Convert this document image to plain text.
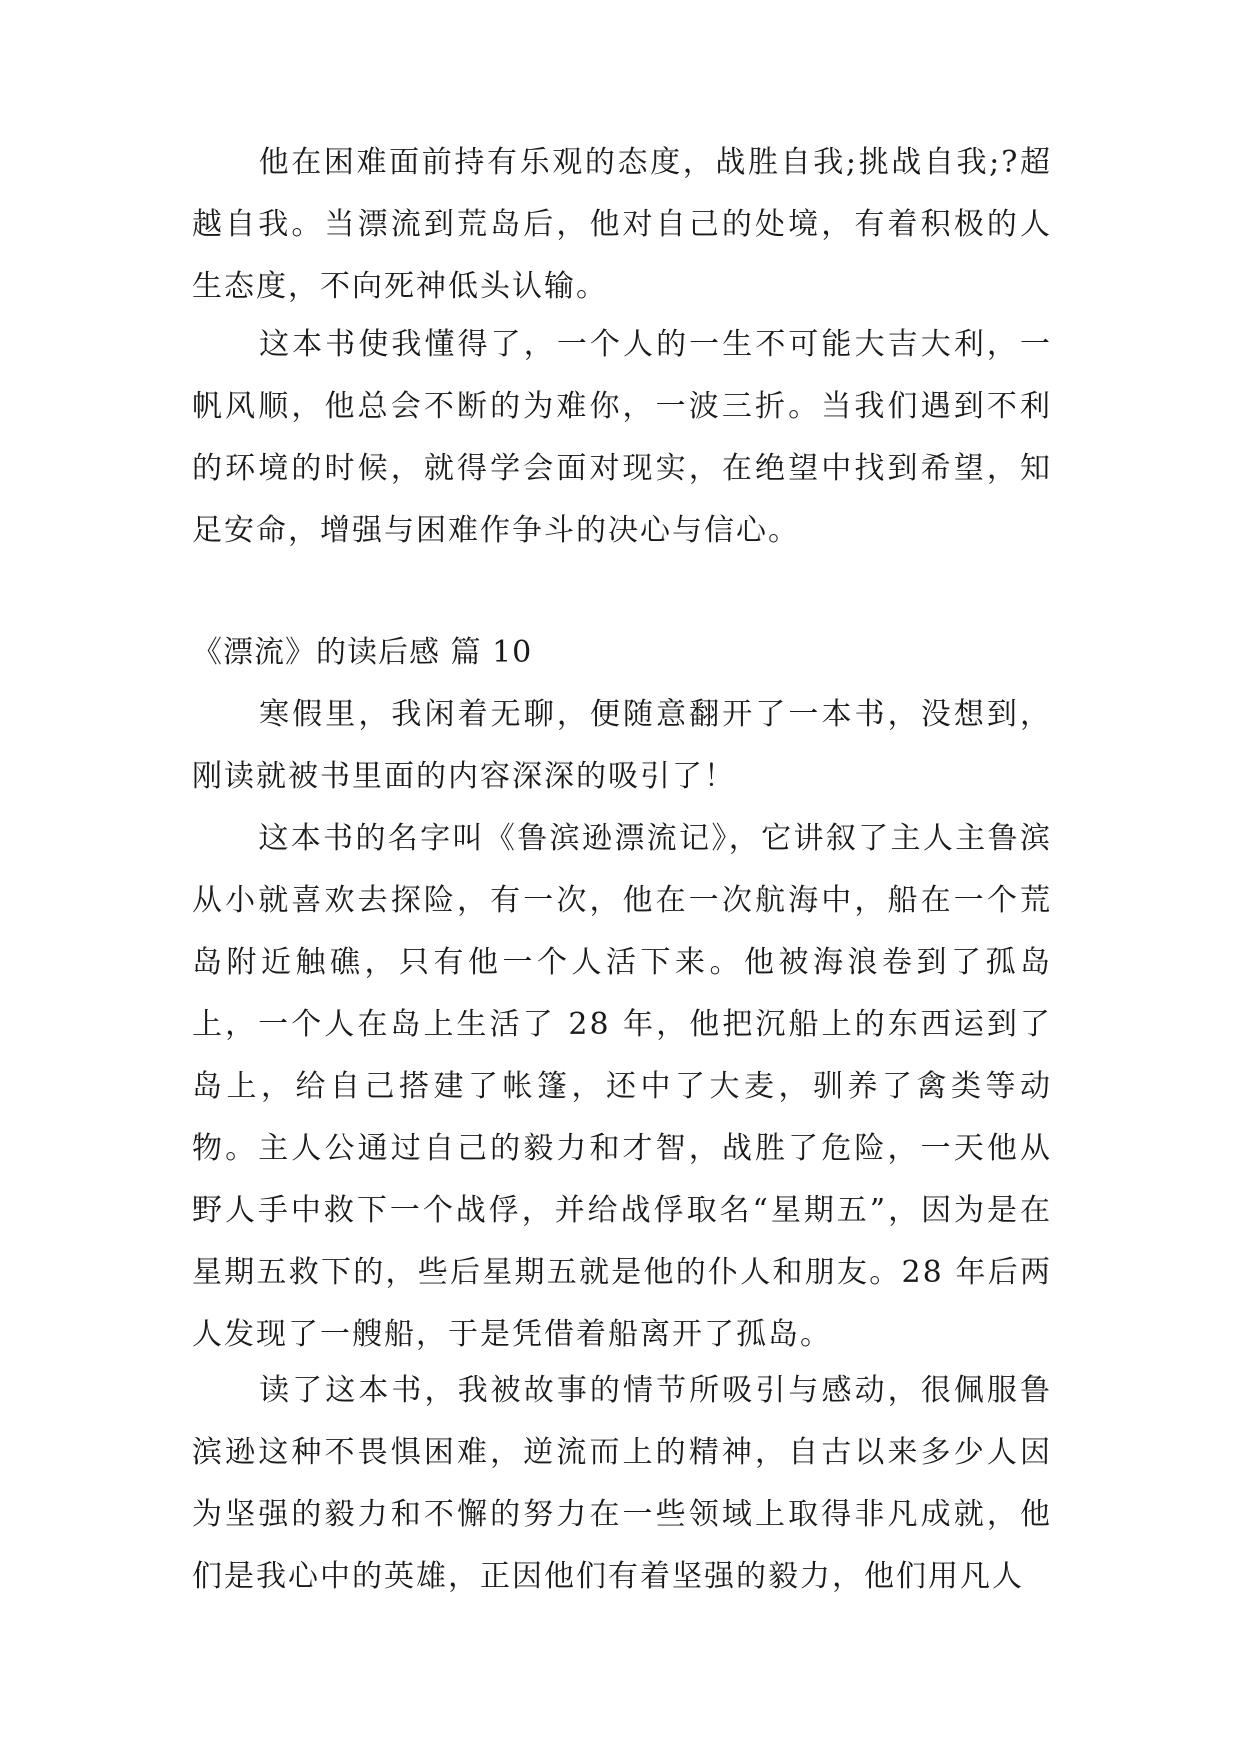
他在困难面前持有乐观的态度，战胜自我;挑战自我;?超越自我。当漂流到荒岛后，他对自己的处境，有着积极的人生态度，不向死神低头认输。

这本书使我懂得了，一个人的一生不可能大吉大利，一帆风顺，他总会不断的为难你，一波三折。当我们遇到不利的环境的时候，就得学会面对现实，在绝望中找到希望，知足安命，增强与困难作争斗的决心与信心。

《漂流》的读后感 篇 10

寒假里，我闲着无聊，便随意翻开了一本书，没想到，刚读就被书里面的内容深深的吸引了！

这本书的名字叫《鲁滨逊漂流记》，它讲叙了主人主鲁滨从小就喜欢去探险，有一次，他在一次航海中，船在一个荒岛附近触礁，只有他一个人活下来。他被海浪卷到了孤岛上，一个人在岛上生活了 28 年，他把沉船上的东西运到了岛上，给自己搭建了帐篷，还中了大麦，驯养了禽类等动物。主人公通过自己的毅力和才智，战胜了危险，一天他从野人手中救下一个战俘，并给战俘取名“星期五”，因为是在星期五救下的，些后星期五就是他的仆人和朋友。28 年后两人发现了一艘船，于是凭借着船离开了孤岛。

读了这本书，我被故事的情节所吸引与感动，很佩服鲁滨逊这种不畏惧困难，逆流而上的精神，自古以来多少人因为坚强的毅力和不懈的努力在一些领域上取得非凡成就，他们是我心中的英雄，正因他们有着坚强的毅力，他们用凡人
